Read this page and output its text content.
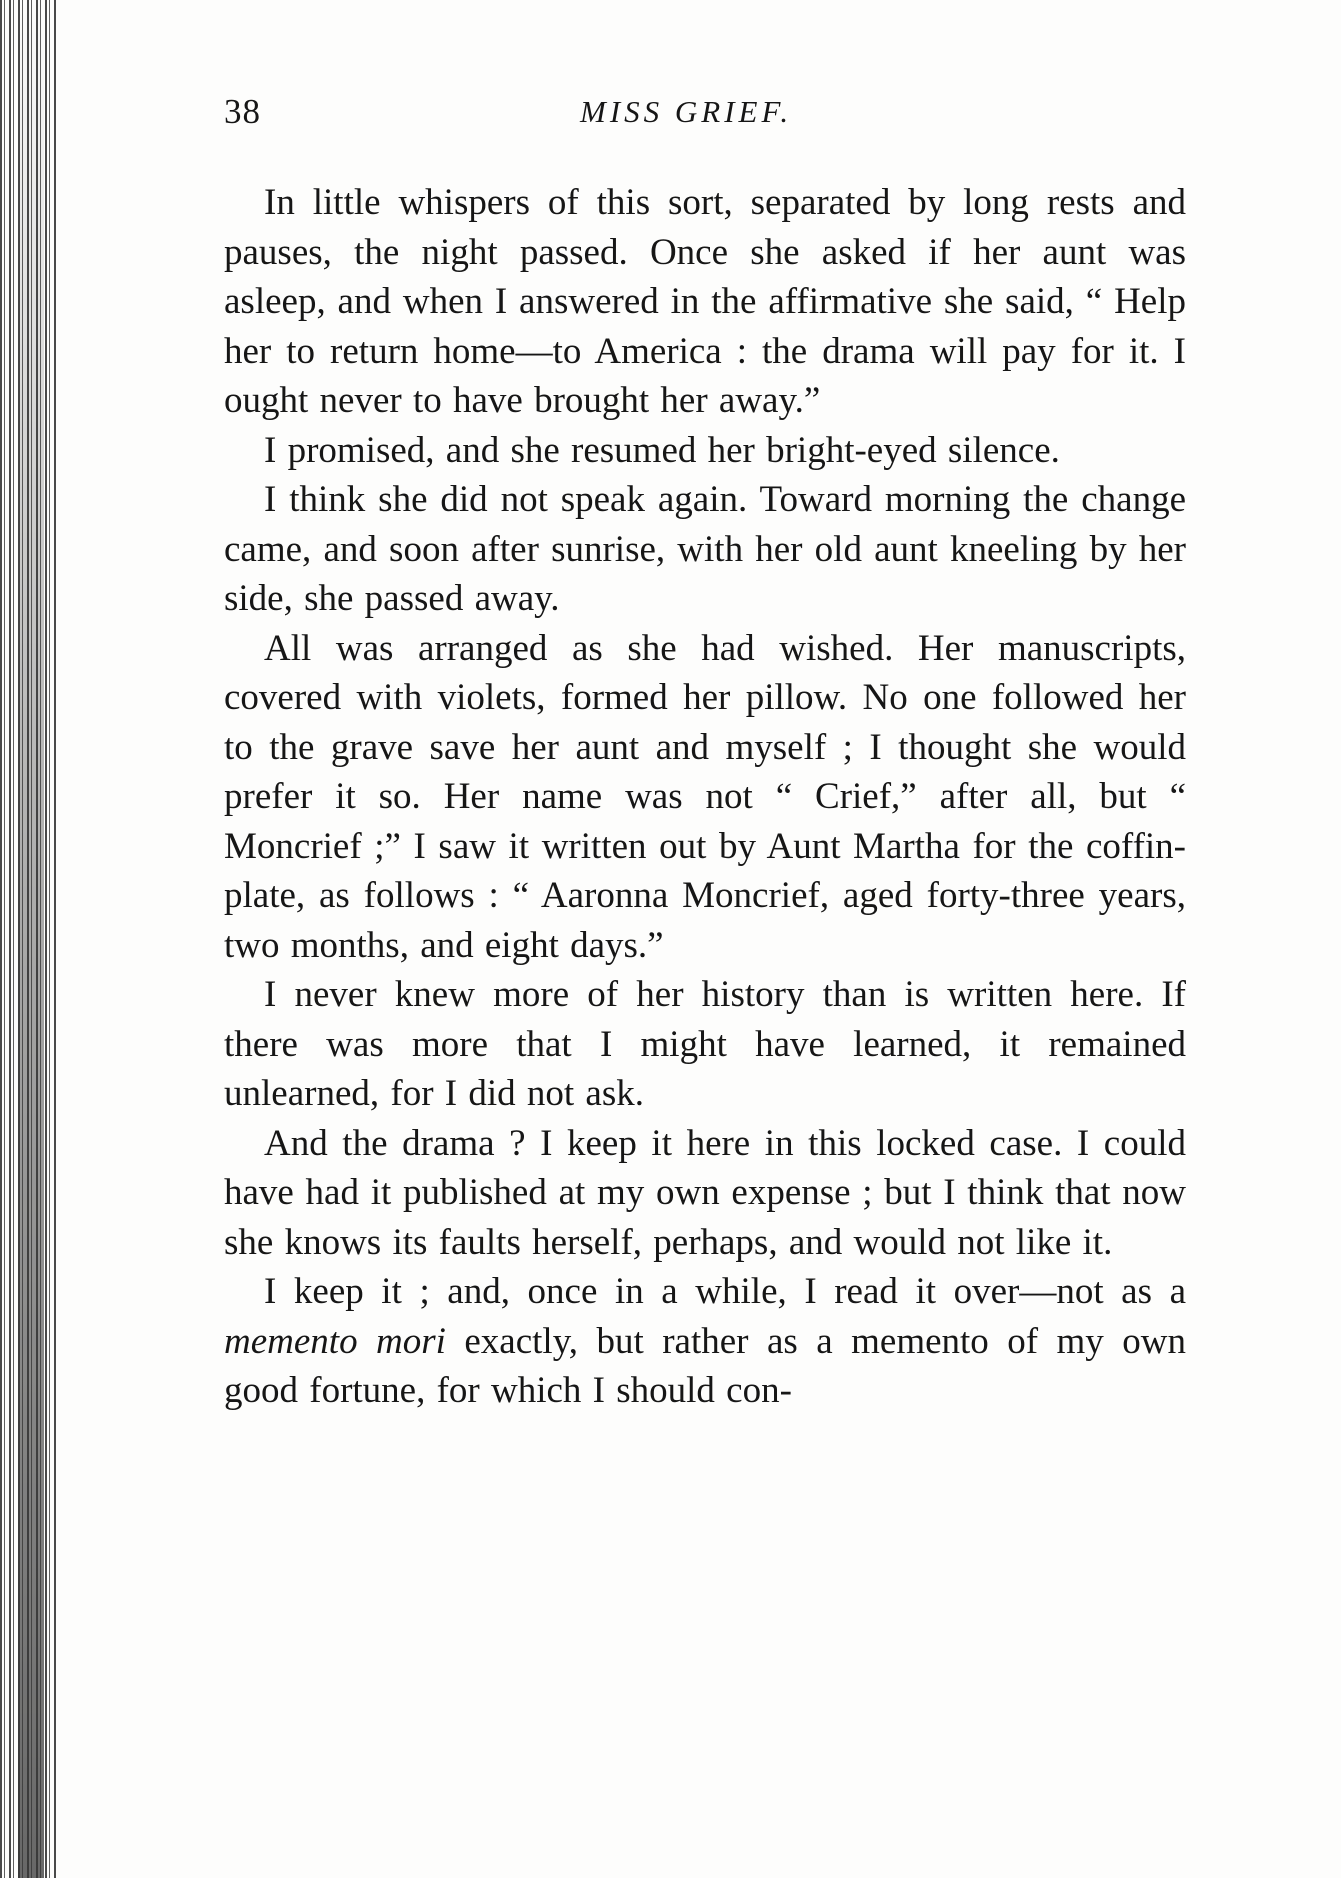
38	MISS GRIEF.

In little whispers of this sort, separated by long rests and pauses, the night passed. Once she asked if her aunt was asleep, and when I answered in the affirmative she said, “ Help her to return home—to America : the drama will pay for it. I ought never to have brought her away.”

I promised, and she resumed her bright-eyed silence.

I think she did not speak again. Toward morning the change came, and soon after sunrise, with her old aunt kneeling by her side, she passed away.

All was arranged as she had wished. Her manuscripts, covered with violets, formed her pillow. No one followed her to the grave save her aunt and myself ; I thought she would prefer it so. Her name was not “ Crief,” after all, but “ Moncrief ;” I saw it written out by Aunt Martha for the coffin-plate, as follows : “ Aaronna Moncrief, aged forty-three years, two months, and eight days.”

I never knew more of her history than is written here. If there was more that I might have learned, it remained unlearned, for I did not ask.

And the drama ? I keep it here in this locked case. I could have had it published at my own expense ; but I think that now she knows its faults herself, perhaps, and would not like it.

I keep it ; and, once in a while, I read it over—not as a memento mori exactly, but rather as a memento of my own good fortune, for which I should con-
